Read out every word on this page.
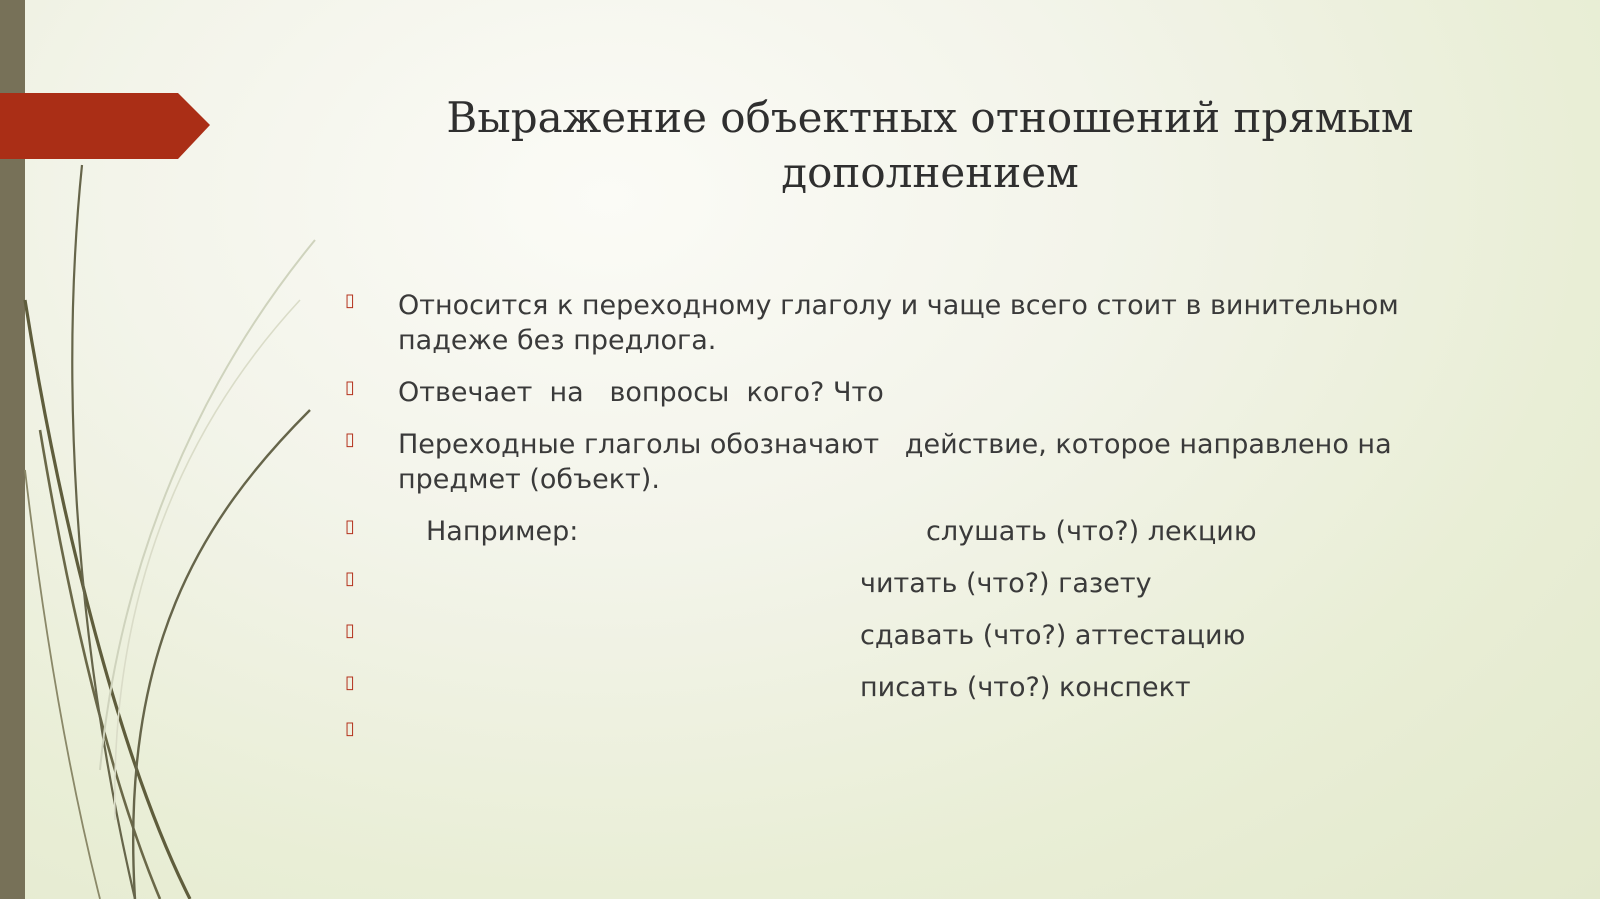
Выражение объектных отношений прямым
дополнением
▯ Относится к переходному глаголу и чаще всего стоит в винительном падеже без предлога.
▯ Отвечает  на   вопросы  кого? Что
▯ Переходные глаголы обозначают   действие, которое направлено на предмет (объект).
▯	Например:	слушать (что?) лекцию
▯	читать (что?) газету
▯	сдавать (что?) аттестацию
▯	писать (что?) конспект
▯
